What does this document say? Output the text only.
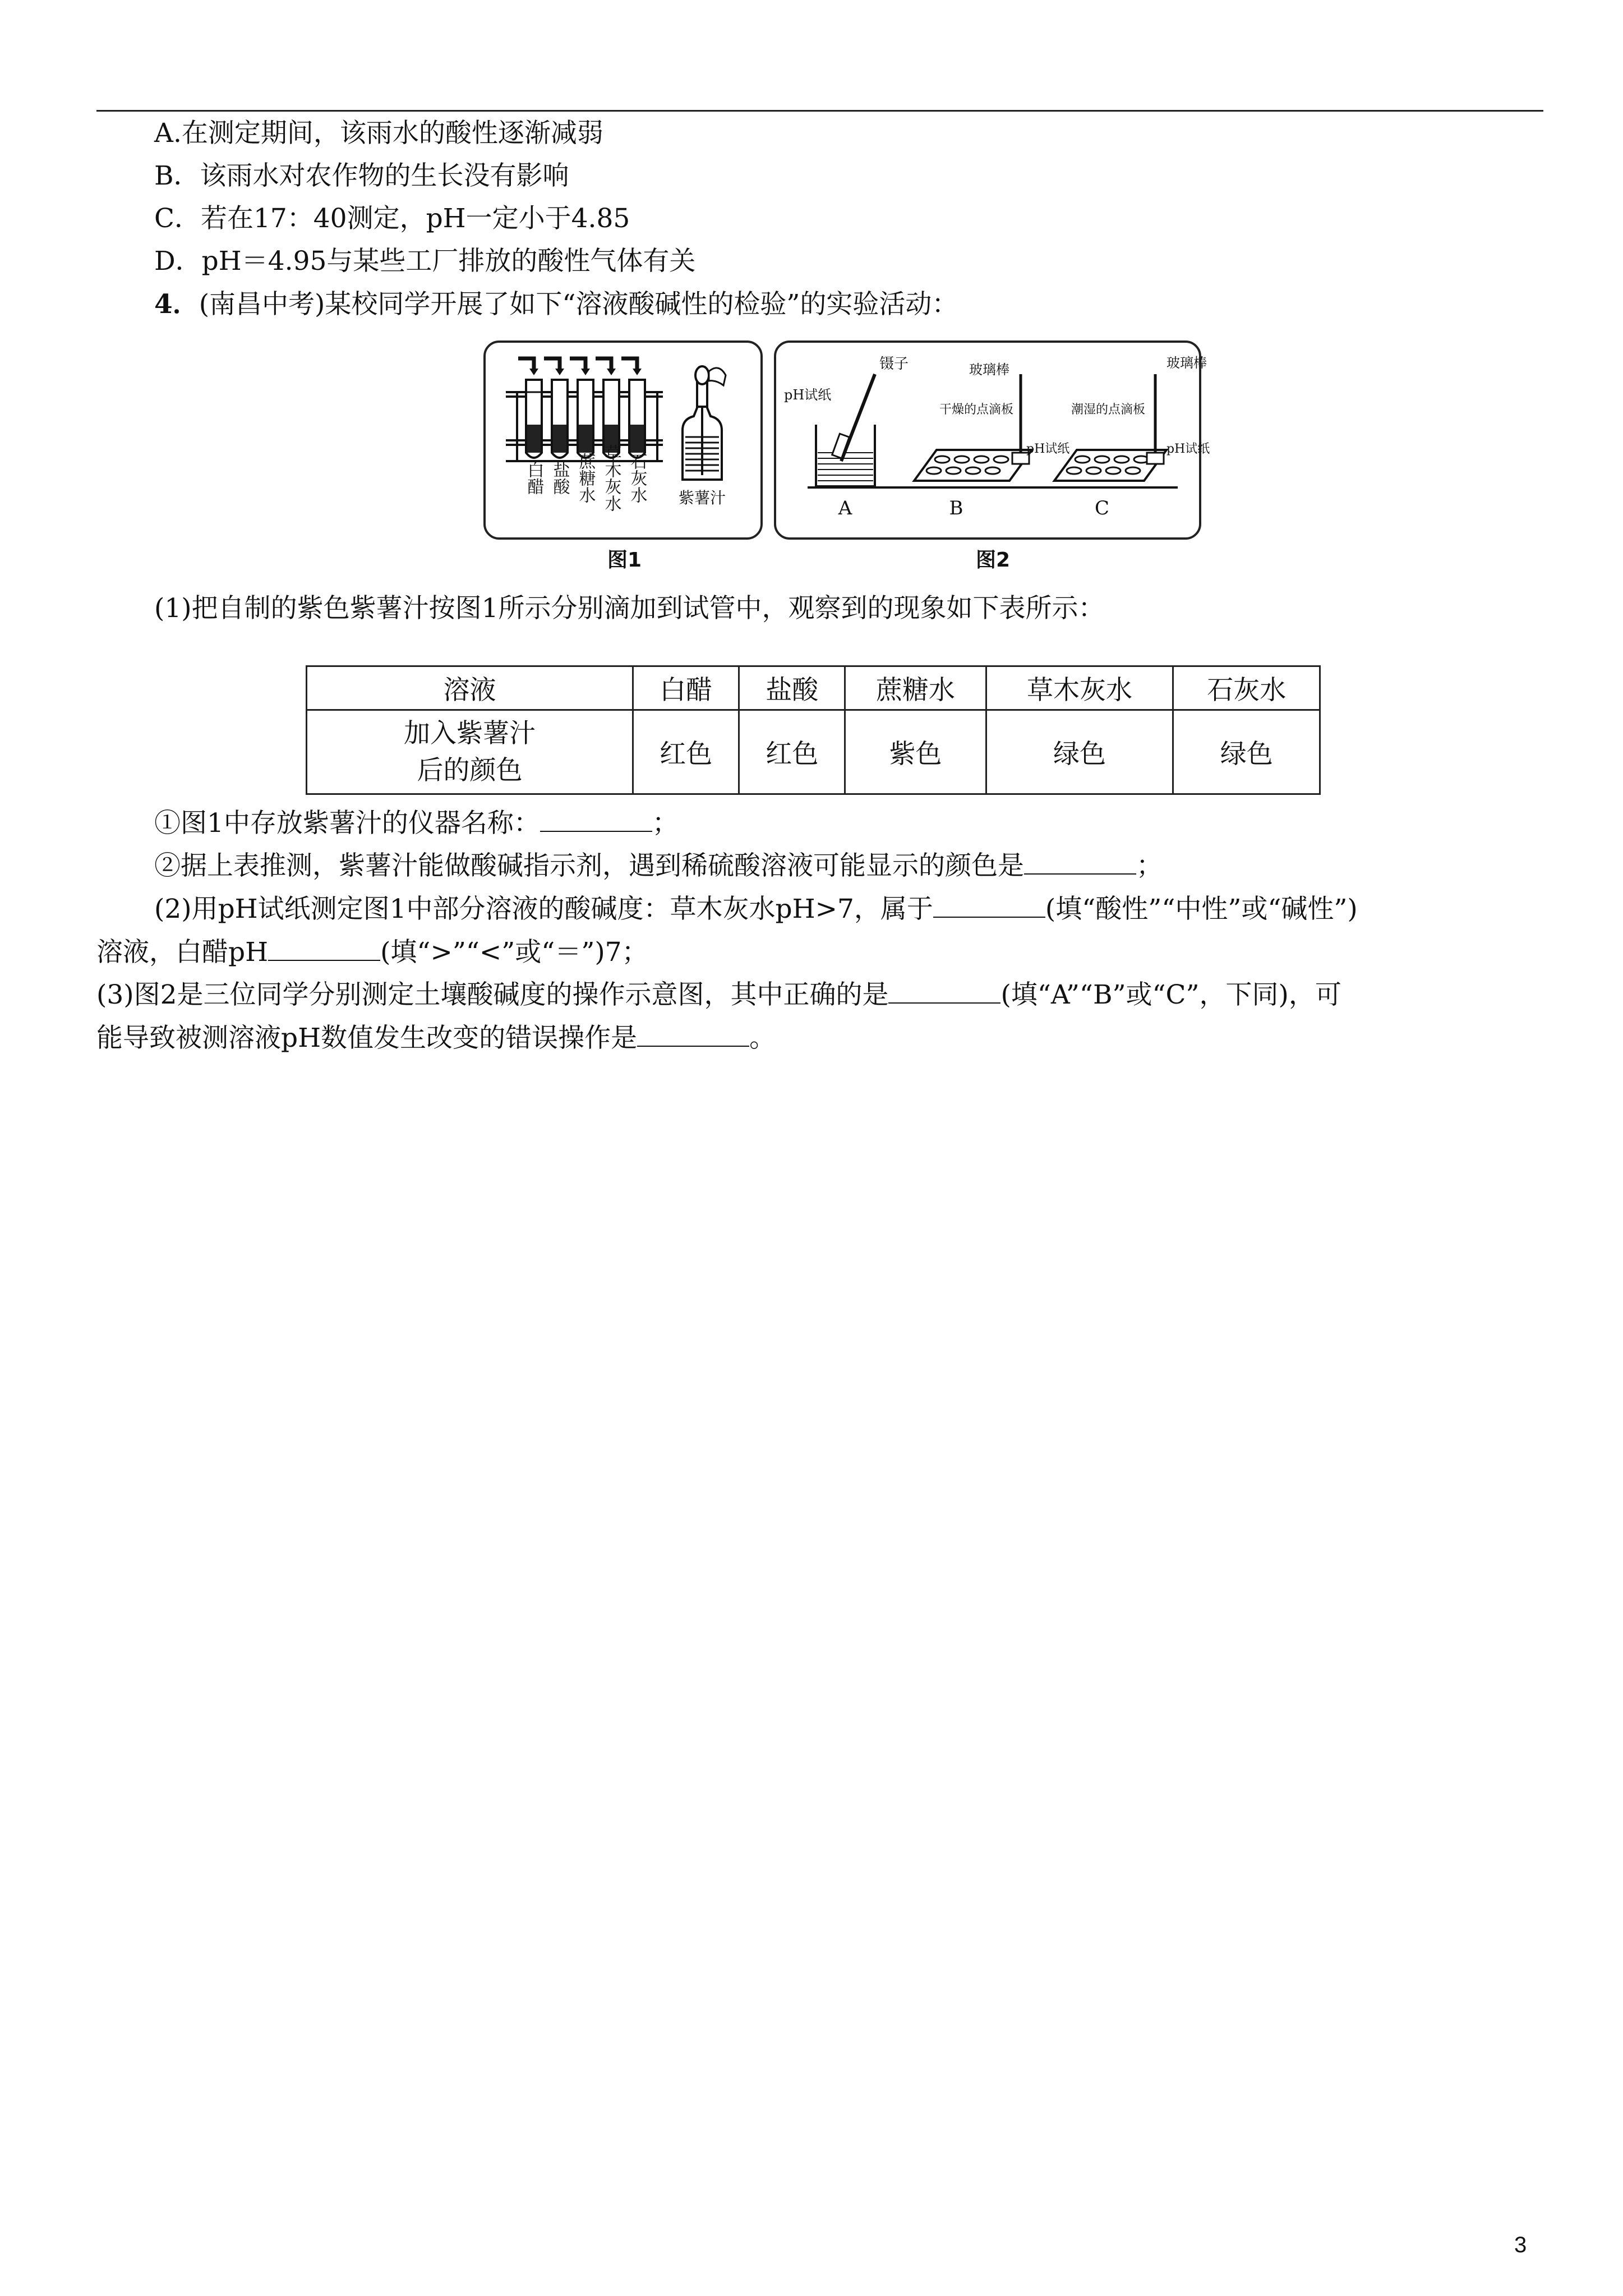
A.在测定期间，该雨水的酸性逐渐减弱
B．该雨水对农作物的生长没有影响
C．若在17：40测定，pH一定小于4.85
D．pH＝4.95与某些工厂排放的酸性气体有关
4．(南昌中考)某校同学开展了如下“溶液酸碱性的检验”的实验活动：
白醋 盐酸 蔗糖水 草木灰水 石灰水 紫薯汁
图1
镊子
pH试纸
玻璃棒
干燥的点滴板
pH试纸
玻璃棒
潮湿的点滴板
pH试纸
A	B	C
图2
(1)把自制的紫色紫薯汁按图1所示分别滴加到试管中，观察到的现象如下表所示：
溶液	白醋	盐酸	蔗糖水	草木灰水	石灰水

加入紫薯汁
后的颜色	红色	红色	紫色	绿色	绿色
①图1中存放紫薯汁的仪器名称：	；
②据上表推测，紫薯汁能做酸碱指示剂，遇到稀硫酸溶液可能显示的颜色是	；
(2)用pH试纸测定图1中部分溶液的酸碱度：草木灰水pH>7，属于	(填“酸性”“中性”或“碱性”)
溶液，白醋pH	(填“>”“<”或“＝”)7；
(3)图2是三位同学分别测定土壤酸碱度的操作示意图，其中正确的是	(填“A”“B”或“C”，下同)，可
能导致被测溶液pH数值发生改变的错误操作是	。
3
